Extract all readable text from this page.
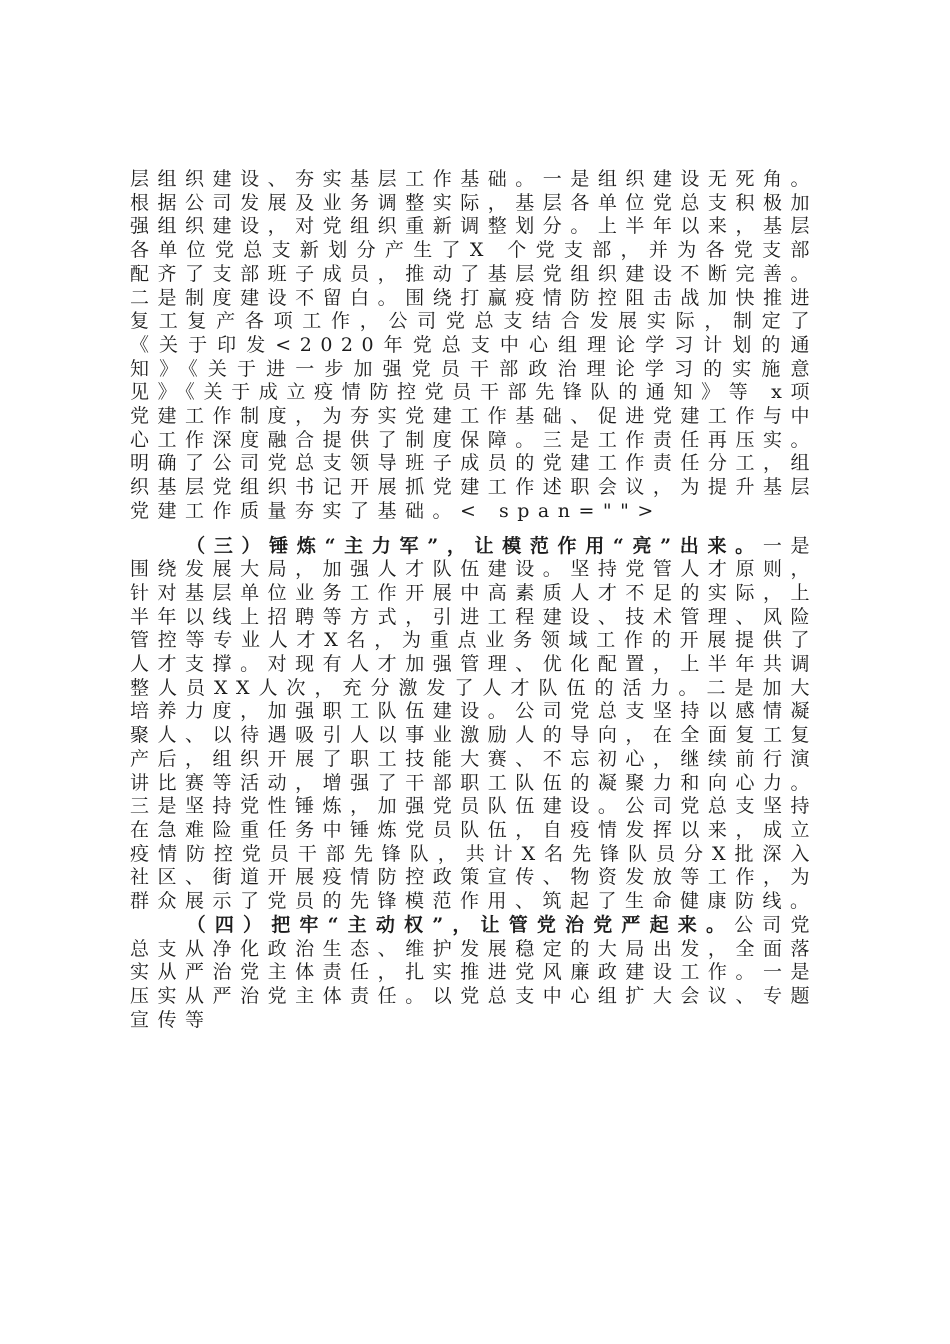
层组织建设、夯实基层工作基础。一是组织建设无死角。根据公司发展及业务调整实际，基层各单位党总支积极加强组织建设，对党组织重新调整划分。上半年以来，基层各单位党总支新划分产生了X 个党支部，并为各党支部配齐了支部班子成员，推动了基层党组织建设不断完善。二是制度建设不留白。围绕打赢疫情防控阻击战加快推进复工复产各项工作，公司党总支结合发展实际，制定了《关于印发<2020年党总支中心组理论学习计划的通知》《关于进一步加强党员干部政治理论学习的实施意见》《关于成立疫情防控党员干部先锋队的通知》等 x项党建工作制度，为夯实党建工作基础、促进党建工作与中心工作深度融合提供了制度保障。三是工作责任再压实。明确了公司党总支领导班子成员的党建工作责任分工，组织基层党组织书记开展抓党建工作述职会议，为提升基层党建工作质量夯实了基础。< span="">

（三）锤炼“主力军”，让模范作用“亮”出来。一是围绕发展大局，加强人才队伍建设。坚持党管人才原则，针对基层单位业务工作开展中高素质人才不足的实际，上半年以线上招聘等方式，引进工程建设、技术管理、风险管控等专业人才X名，为重点业务领域工作的开展提供了人才支撑。对现有人才加强管理、优化配置，上半年共调整人员XX人次，充分激发了人才队伍的活力。二是加大培养力度，加强职工队伍建设。公司党总支坚持以感情凝聚人、以待遇吸引人以事业激励人的导向，在全面复工复产后，组织开展了职工技能大赛、不忘初心，继续前行演讲比赛等活动，增强了干部职工队伍的凝聚力和向心力。三是坚持党性锤炼，加强党员队伍建设。公司党总支坚持在急难险重任务中锤炼党员队伍，自疫情发挥以来，成立疫情防控党员干部先锋队，共计X名先锋队员分X批深入社区、街道开展疫情防控政策宣传、物资发放等工作，为群众展示了党员的先锋模范作用、筑起了生命健康防线。

（四）把牢“主动权”，让管党治党严起来。公司党总支从净化政治生态、维护发展稳定的大局出发，全面落实从严治党主体责任，扎实推进党风廉政建设工作。一是压实从严治党主体责任。以党总支中心组扩大会议、专题宣传等
